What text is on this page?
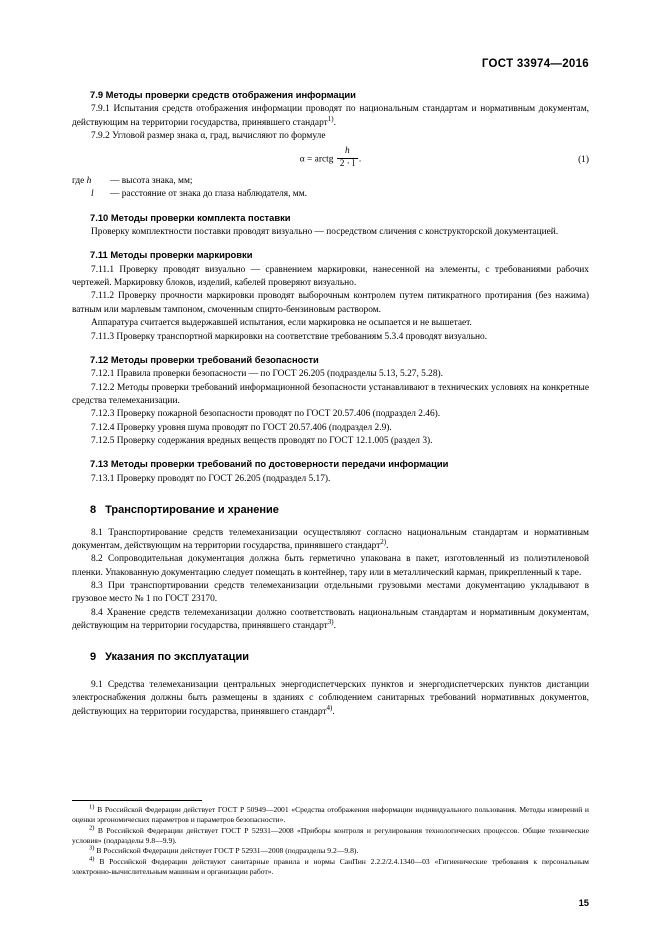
ГОСТ 33974—2016
7.9 Методы проверки средств отображения информации

7.9.1 Испытания средств отображения информации проводят по национальным стандартам и нормативным документам, действующим на территории государства, принявшего стандарт$^{1)}$.

7.9.2 Угловой размер знака α, град, вычисляют по формуле

α = arctg $\frac{h}{2 \cdot l}$ .	(1)

где h — высота знака, мм;

l — расстояние от знака до глаза наблюдателя, мм.

7.10 Методы проверки комплекта поставки

Проверку комплектности поставки проводят визуально — посредством сличения с конструкторской документацией.

7.11 Методы проверки маркировки

7.11.1 Проверку проводят визуально — сравнением маркировки, нанесенной на элементы, с требованиями рабочих чертежей. Маркировку блоков, изделий, кабелей проверяют визуально.

7.11.2 Проверку прочности маркировки проводят выборочным контролем путем пятикратного протирания (без нажима) ватным или марлевым тампоном, смоченным спирто-бензиновым раствором.

Аппаратура считается выдержавшей испытания, если маркировка не осыпается и не вышетает.

7.11.3 Проверку транспортной маркировки на соответствие требованиям 5.3.4 проводят визуально.

7.12 Методы проверки требований безопасности

7.12.1 Правила проверки безопасности — по ГОСТ 26.205 (подразделы 5.13, 5.27, 5.28).

7.12.2 Методы проверки требований информационной безопасности устанавливают в технических условиях на конкретные средства телемеханизации.

7.12.3 Проверку пожарной безопасности проводят по ГОСТ 20.57.406 (подраздел 2.46).

7.12.4 Проверку уровня шума проводят по ГОСТ 20.57.406 (подраздел 2.9).

7.12.5 Проверку содержания вредных веществ проводят по ГОСТ 12.1.005 (раздел 3).

7.13 Методы проверки требований по достоверности передачи информации

7.13.1 Проверку проводят по ГОСТ 26.205 (подраздел 5.17).

8 Транспортирование и хранение

8.1 Транспортирование средств телемеханизации осуществляют согласно национальным стандартам и нормативным документам, действующим на территории государства, принявшего стандарт$^{2)}$.

8.2 Сопроводительная документация должна быть герметично упакована в пакет, изготовленный из полиэтиленовой пленки. Упакованную документацию следует помещать в контейнер, тару или в металлический карман, прикрепленный к таре.

8.3 При транспортировании средств телемеханизации отдельными грузовыми местами документацию укладывают в грузовое место № 1 по ГОСТ 23170.

8.4 Хранение средств телемеханизации должно соответствовать национальным стандартам и нормативным документам, действующим на территории государства, принявшего стандарт$^{3)}$.

9 Указания по эксплуатации

9.1 Средства телемеханизации центральных энергодиспетчерских пунктов и энергодиспетчерских пунктов дистанции электроснабжения должны быть размещены в зданиях с соблюдением санитарных требований нормативных документов, действующих на территории государства, принявшего стандарт$^{4)}$.

$^{1)}$ В Российской Федерации действует ГОСТ Р 50949—2001 «Средства отображения информации индивидуального пользования. Методы измерений и оценки эргономических параметров и параметров безопасности».

$^{2)}$ В Российской Федерации действует ГОСТ Р 52931—2008 «Приборы контроля и регулирования технологических процессов. Общие технические условия» (подразделы 9.8—9.9).

$^{3)}$ В Российской Федерации действует ГОСТ Р 52931—2008 (подразделы 9.2—9.8).

$^{4)}$ В Российской Федерации действуют санитарные правила и нормы СанПин 2.2.2/2.4.1340—03 «Гигиенические требования к персональным электронно-вычислительным машинам и организации работ».

15
